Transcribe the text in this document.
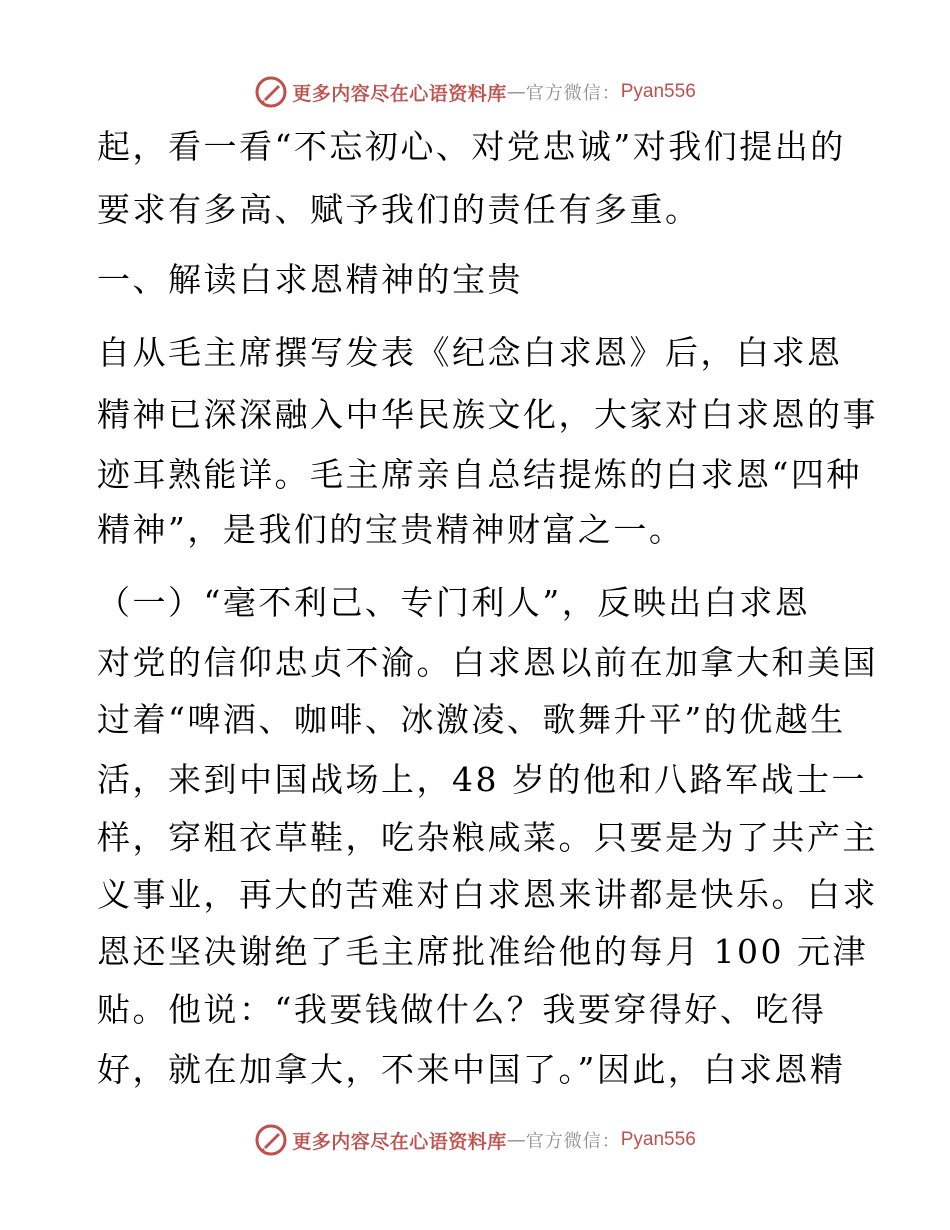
更多内容尽在心语资料库 — 官方微信： Pyan556
起，看一看“不忘初心、对党忠诚”对我们提出的
要求有多高、赋予我们的责任有多重。
一、解读白求恩精神的宝贵
自从毛主席撰写发表《纪念白求恩》后，白求恩
精神已深深融入中华民族文化，大家对白求恩的事
迹耳熟能详。毛主席亲自总结提炼的白求恩“四种
精神”，是我们的宝贵精神财富之一。
（一）“毫不利己、专门利人”，反映出白求恩
对党的信仰忠贞不渝。白求恩以前在加拿大和美国
过着“啤酒、咖啡、冰激凌、歌舞升平”的优越生
活，来到中国战场上，48 岁的他和八路军战士一
样，穿粗衣草鞋，吃杂粮咸菜。只要是为了共产主
义事业，再大的苦难对白求恩来讲都是快乐。白求
恩还坚决谢绝了毛主席批准给他的每月 100 元津
贴。他说：“我要钱做什么？我要穿得好、吃得
好，就在加拿大，不来中国了。”因此，白求恩精
更多内容尽在心语资料库 — 官方微信： Pyan556
